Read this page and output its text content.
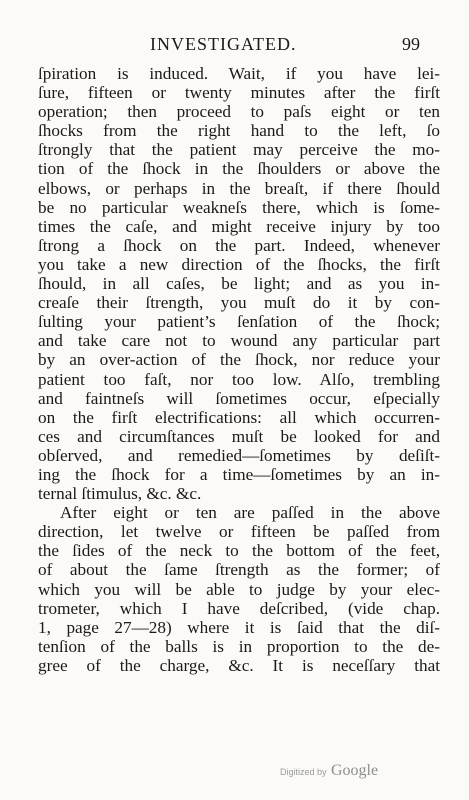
INVESTIGATED.	99
ſpiration is induced. Wait, if you have lei-
ſure, fifteen or twenty minutes after the firſt
operation; then proceed to paſs eight or ten
ſhocks from the right hand to the left, ſo
ſtrongly that the patient may perceive the mo-
tion of the ſhock in the ſhoulders or above the
elbows, or perhaps in the breaſt, if there ſhould
be no particular weakneſs there, which is ſome-
times the caſe, and might receive injury by too
ſtrong a ſhock on the part. Indeed, whenever
you take a new direction of the ſhocks, the firſt
ſhould, in all caſes, be light; and as you in-
creaſe their ſtrength, you muſt do it by con-
ſulting your patient’s ſenſation of the ſhock;
and take care not to wound any particular part
by an over-action of the ſhock, nor reduce your
patient too faſt, nor too low. Alſo, trembling
and faintneſs will ſometimes occur, eſpecially
on the firſt electrifications: all which occurren-
ces and circumſtances muſt be looked for and
obſerved, and remedied—ſometimes by deſiſt-
ing the ſhock for a time—ſometimes by an in-
ternal ſtimulus, &c. &c.
After eight or ten are paſſed in the above
direction, let twelve or fifteen be paſſed from
the ſides of the neck to the bottom of the feet,
of about the ſame ſtrength as the former; of
which you will be able to judge by your elec-
trometer, which I have deſcribed, (vide chap.
1, page 27—28) where it is ſaid that the diſ-
tenſion of the balls is in proportion to the de-
gree of the charge, &c. It is neceſſary that
Digitized by Google
